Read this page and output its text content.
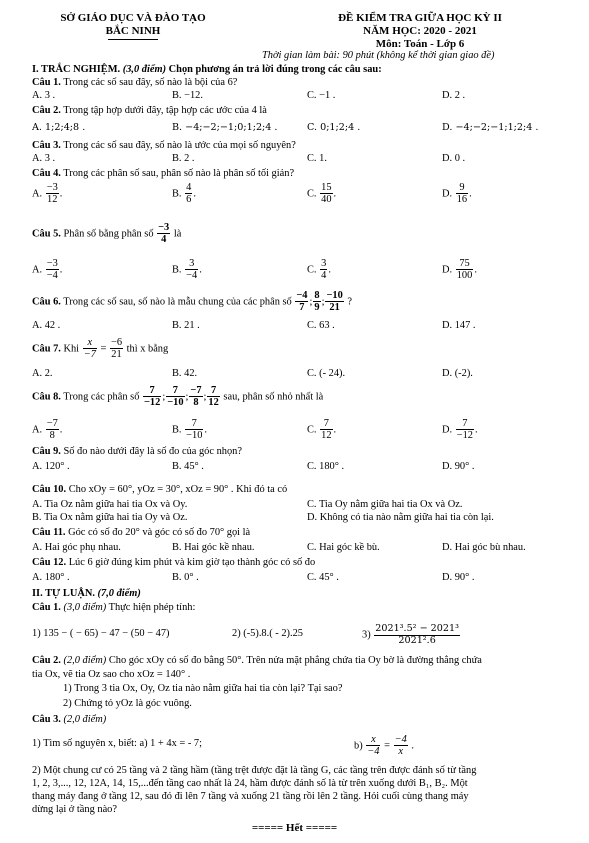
SỞ GIÁO DỤC VÀ ĐÀO TẠO
BẮC NINH
ĐỀ KIỂM TRA GIỮA HỌC KỲ II
NĂM HỌC: 2020 - 2021
Môn: Toán - Lớp 6
Thời gian làm bài: 90 phút (không kể thời gian giao đề)
I. TRẮC NGHIỆM. (3,0 điểm) Chọn phương án trả lời đúng trong các câu sau:
Câu 1. Trong các số sau đây, số nào là bội của 6?
A. 3 .	B. −12.	C. −1 .	D. 2 .
Câu 2. Trong tập hợp dưới đây, tập hợp các ước của 4 là
A. 1;2;4;8 .	B. −4;−2;−1;0;1;2;4 .	C. 0;1;2;4 .	D. −4;−2;−1;1;2;4 .
Câu 3. Trong các số sau đây, số nào là ước của mọi số nguyên?
A. 3 .	B. 2 .	C. 1.	D. 0 .
Câu 4. Trong các phân số sau, phân số nào là phân số tối giản?
A. $\frac{-3}{12}$ .	B. $\frac{4}{6}$ .	C. $\frac{15}{40}$ .	D. $\frac{9}{16}$ .
Câu 5. Phân số bằng phân số $\frac{-3}{4}$ là
A. $\frac{-3}{-4}$ .	B. $\frac{3}{-4}$ .	C. $\frac{3}{4}$ .	D. $\frac{75}{100}$ .
Câu 6. Trong các số sau, số nào là mẫu chung của các phân số $\frac{-4}{7}$ ; $\frac{8}{9}$ ; $\frac{-10}{21}$ ?
A. 42 .	B. 21 .	C. 63 .	D. 147 .
Câu 7. Khi $\frac{x}{-7} = \frac{-6}{21}$ thì x bằng
A. 2.	B. 42.	C. (- 24).	D. (-2).
Câu 8. Trong các phân số $\frac{7}{-12}$ ; $\frac{7}{-10}$ ; $\frac{-7}{8}$ ; $\frac{7}{12}$ sau, phân số nhỏ nhất là
A. $\frac{-7}{8}$ .	B. $\frac{7}{-10}$ .	C. $\frac{7}{12}$ .	D. $\frac{7}{-12}$ .
Câu 9. Số đo nào dưới đây là số đo của góc nhọn?
A. 120° .	B. 45° .	C. 180° .	D. 90° .
Câu 10. Cho xOy = 60°, yOz = 30°, xOz = 90° . Khi đó ta có
A. Tia Oz nằm giữa hai tia Ox và Oy.	C. Tia Oy nằm giữa hai tia Ox và Oz.
B. Tia Ox nằm giữa hai tia Oy và Oz.	D. Không có tia nào nằm giữa hai tia còn lại.
Câu 11. Góc có số đo 20° và góc có số đo 70° gọi là
A. Hai góc phụ nhau.	B. Hai góc kề nhau.	C. Hai góc kề bù.	D. Hai góc bù nhau.
Câu 12. Lúc 6 giờ đúng kim phút và kim giờ tạo thành góc có số đo
A. 180° .	B. 0° .	C. 45° .	D. 90° .
II. TỰ LUẬN. (7,0 điểm)
Câu 1. (3,0 điểm) Thực hiện phép tính:
1) 135 − ( − 65) − 47 − (50 − 47)	2) (-5).8.( - 2).25	$3) \frac{\text{2021³.5² − 2021³}}{\text{2021².6}}$
Câu 2. (2,0 điểm) Cho góc xOy có số đo bằng 50°. Trên nửa mặt phẳng chứa tia Oy bờ là đường thẳng chứa
tia Ox, vẽ tia Oz sao cho xOz = 140° .
1) Trong 3 tia Ox, Oy, Oz tia nào nằm giữa hai tia còn lại? Tại sao?
2) Chứng tỏ yOz là góc vuông.
Câu 3. (2,0 điểm)
1) Tìm số nguyên x, biết: a) 1 + 4x = - 7;	$b) \frac{x}{-4} = \frac{-4}{x}$ .
2) Một chung cư có 25 tầng và 2 tầng hầm (tầng trệt được đặt là tầng G, các tầng trên được đánh số từ tầng
1, 2, 3,..., 12, 12A, 14, 15,...đến tầng cao nhất là 24, hầm được đánh số là từ trên xuống dưới B₁, B₂. Một
thang máy đang ở tầng 12, sau đó đi lên 7 tầng và xuống 21 tầng rồi lên 2 tầng. Hỏi cuối cùng thang máy
dừng lại ở tầng nào?
===== Hết =====
